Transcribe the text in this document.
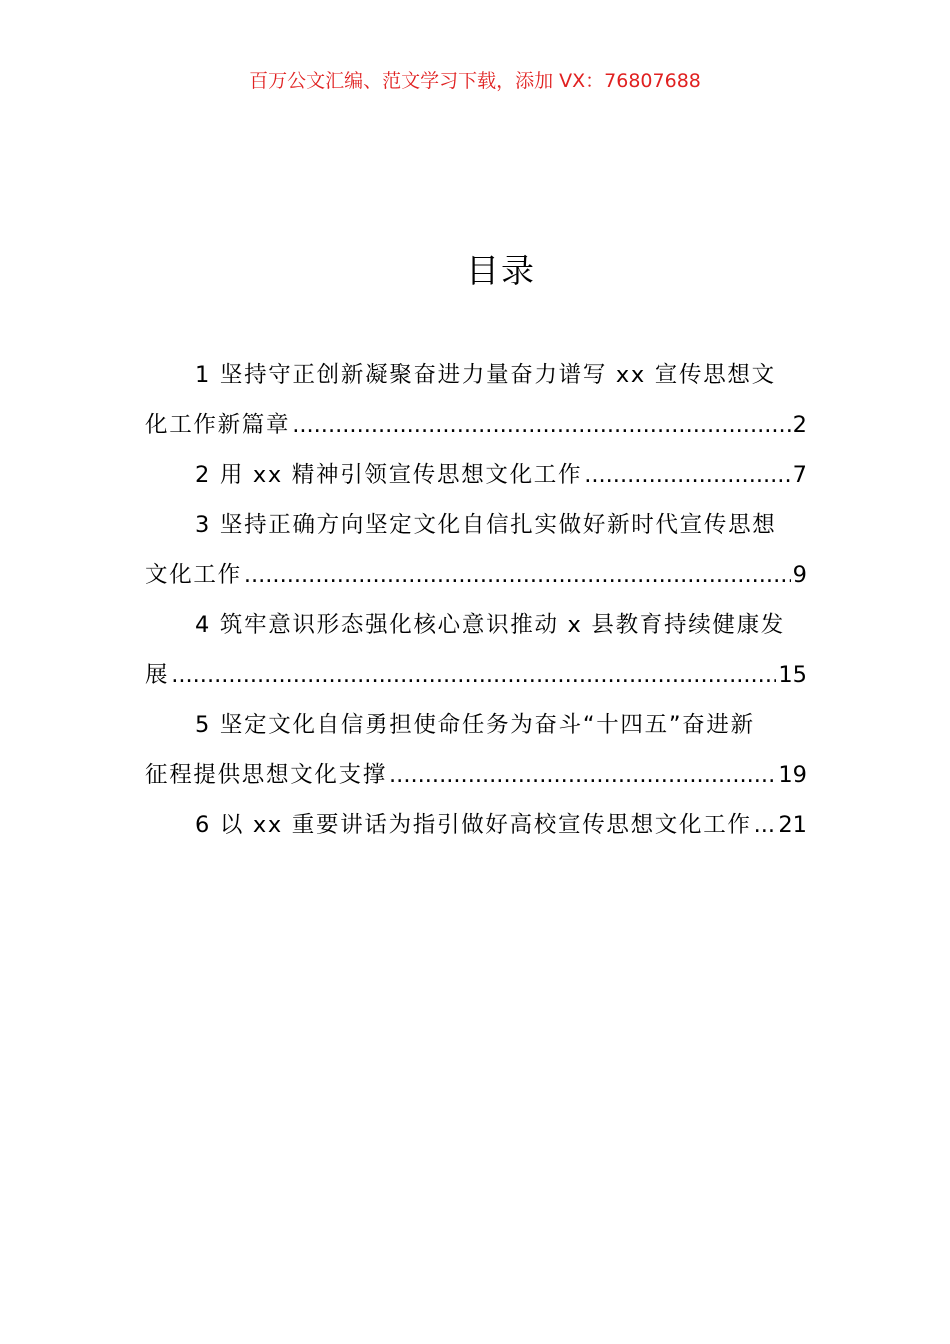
百万公文汇编、范文学习下载，添加 VX：76807688
目录
1 坚持守正创新凝聚奋进力量奋力谱写 xx 宣传思想文
化工作新篇章 .....	2
2 用 xx 精神引领宣传思想文化工作 .....	7
3 坚持正确方向坚定文化自信扎实做好新时代宣传思想
文化工作 .....	9
4 筑牢意识形态强化核心意识推动 x 县教育持续健康发
展 .....	15
5 坚定文化自信勇担使命任务为奋斗“十四五”奋进新
征程提供思想文化支撑 .....	19
6 以 xx 重要讲话为指引做好高校宣传思想文化工作 ..... 21
